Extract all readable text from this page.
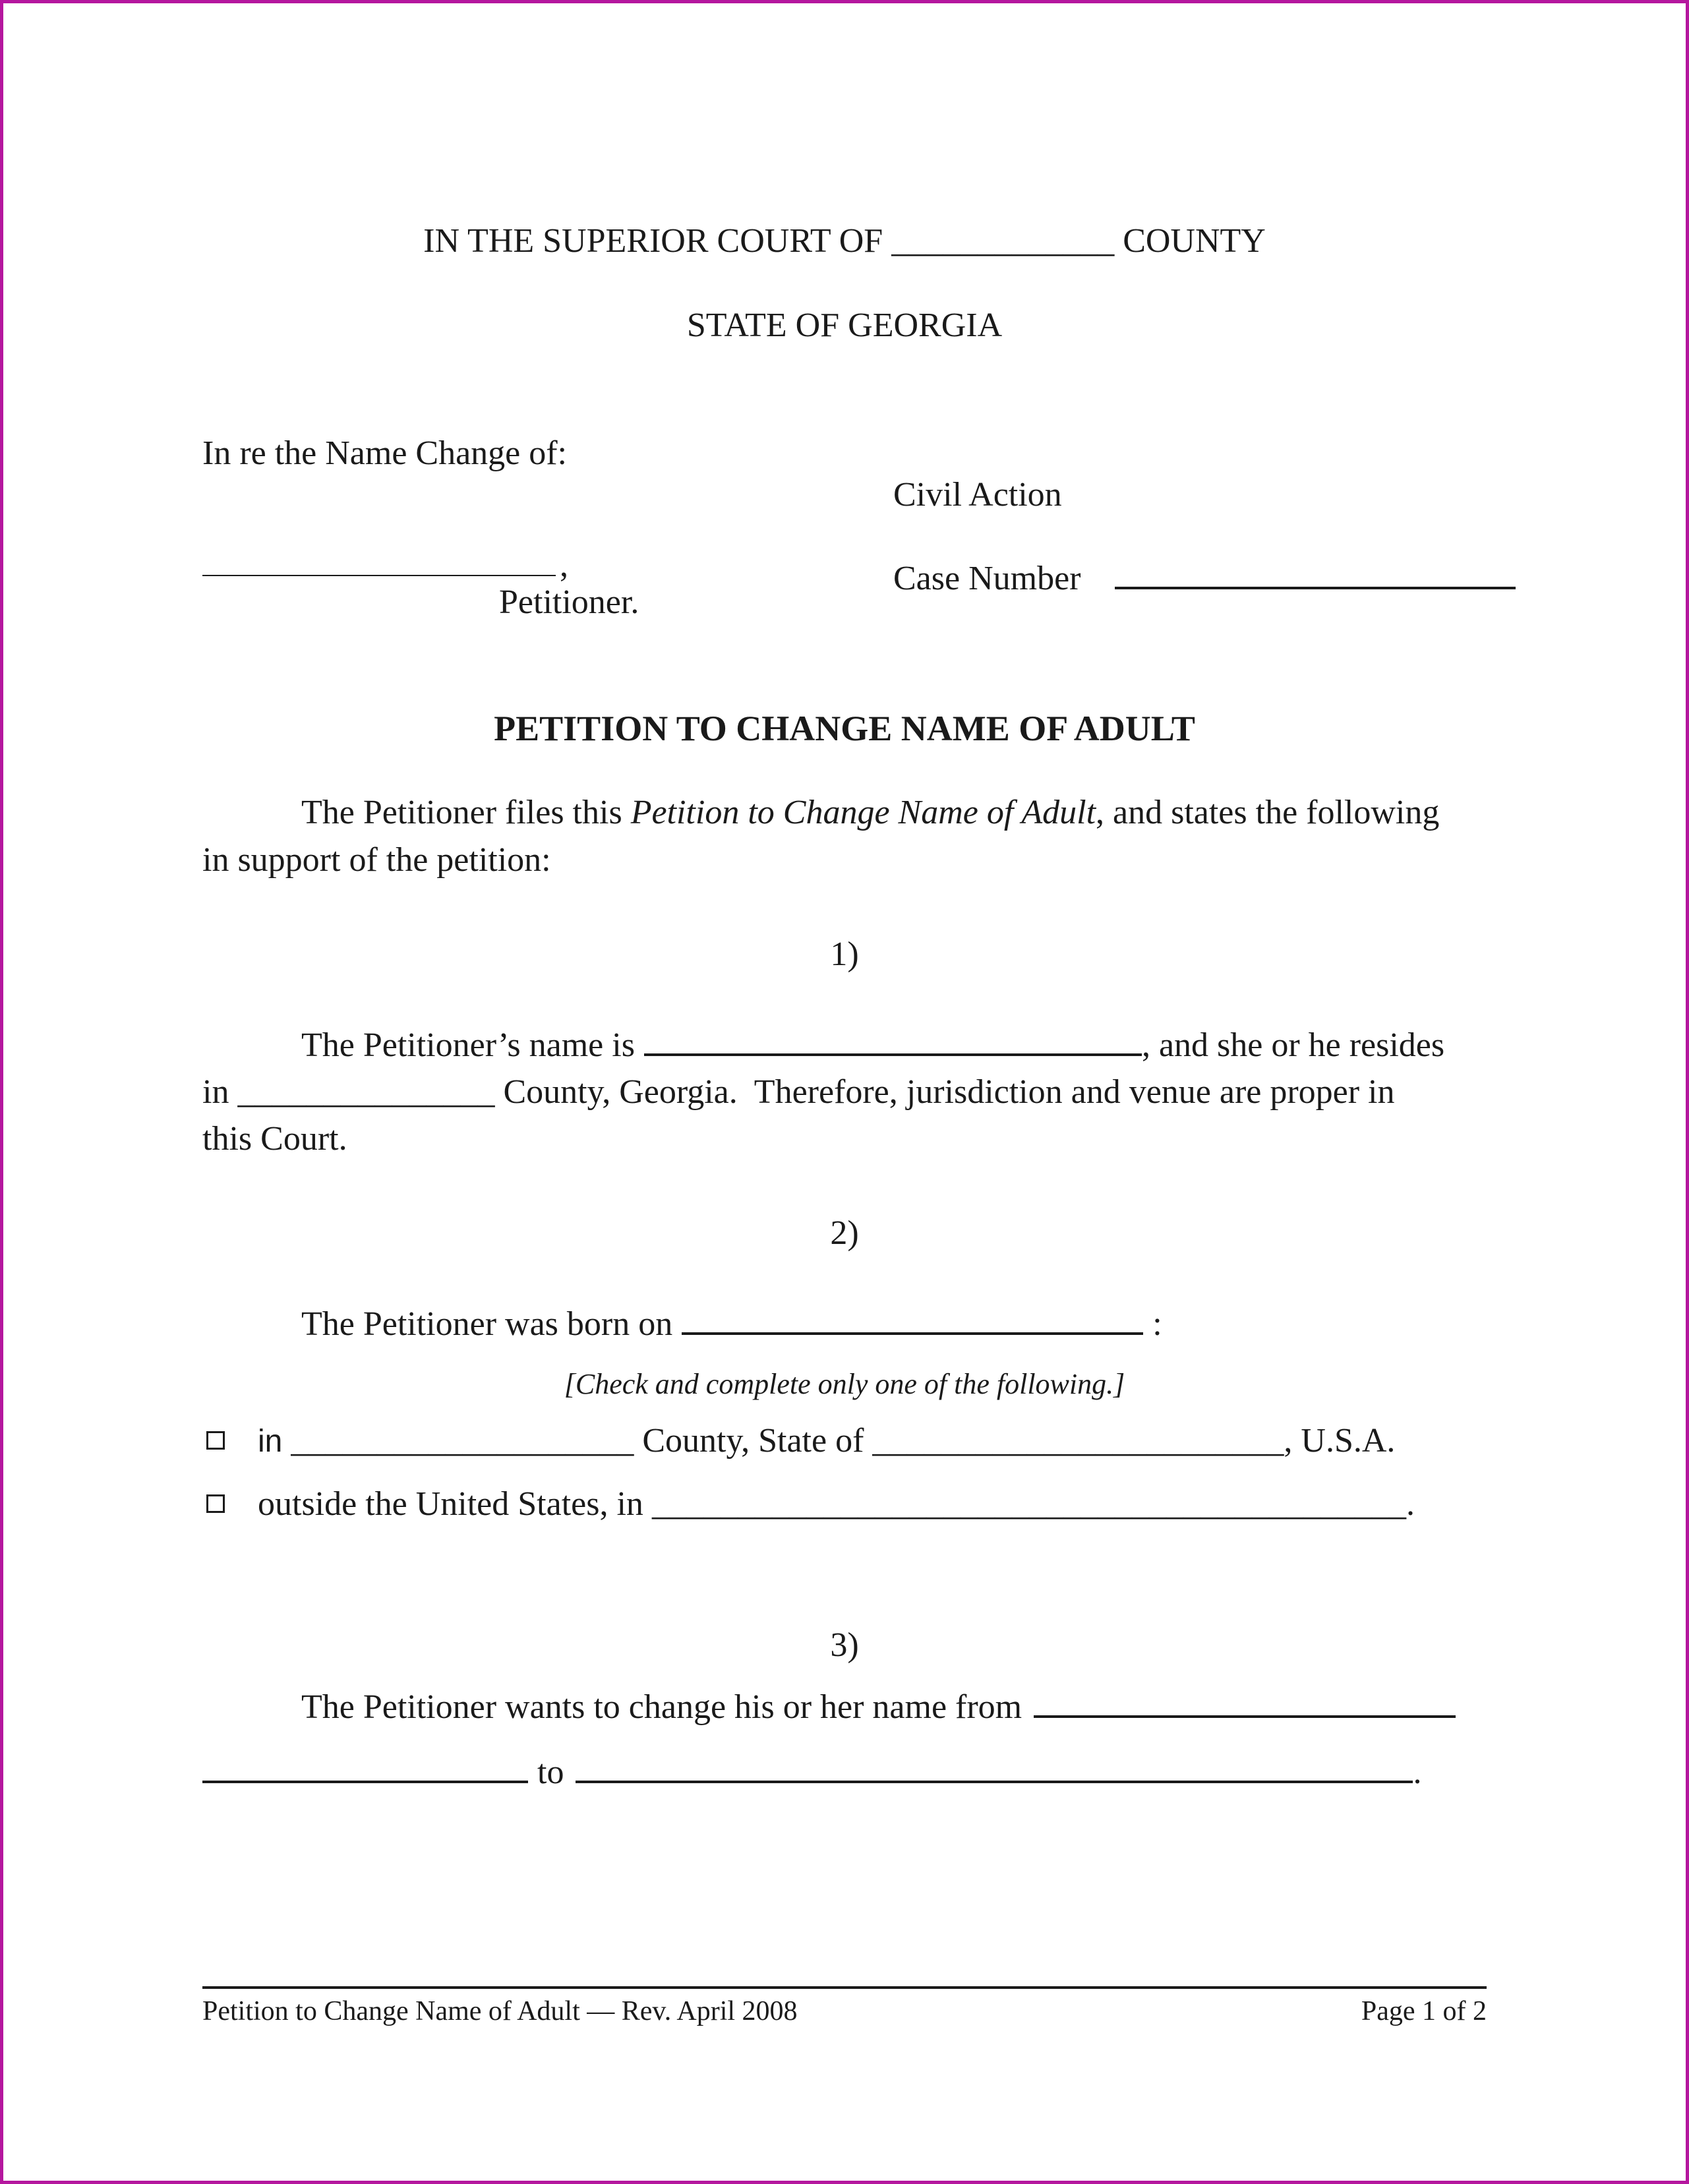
IN THE SUPERIOR COURT OF _____________ COUNTY
STATE OF GEORGIA
In re the Name Change of:
Civil Action
,
Petitioner.
Case Number
PETITION TO CHANGE NAME OF ADULT
The Petitioner files this Petition to Change Name of Adult, and states the following
in support of the petition:
1)
The Petitioner’s name is	, and she or he resides
in _______________ County, Georgia.  Therefore, jurisdiction and venue are proper in
this Court.
2)
The Petitioner was born on	:
[Check and complete only one of the following.]
in ____________________ County, State of ________________________, U.S.A.
outside the United States, in ____________________________________________.
3)
The Petitioner wants to change his or her name from
to	.
Petition to Change Name of Adult — Rev. April 2008	Page 1 of 2
